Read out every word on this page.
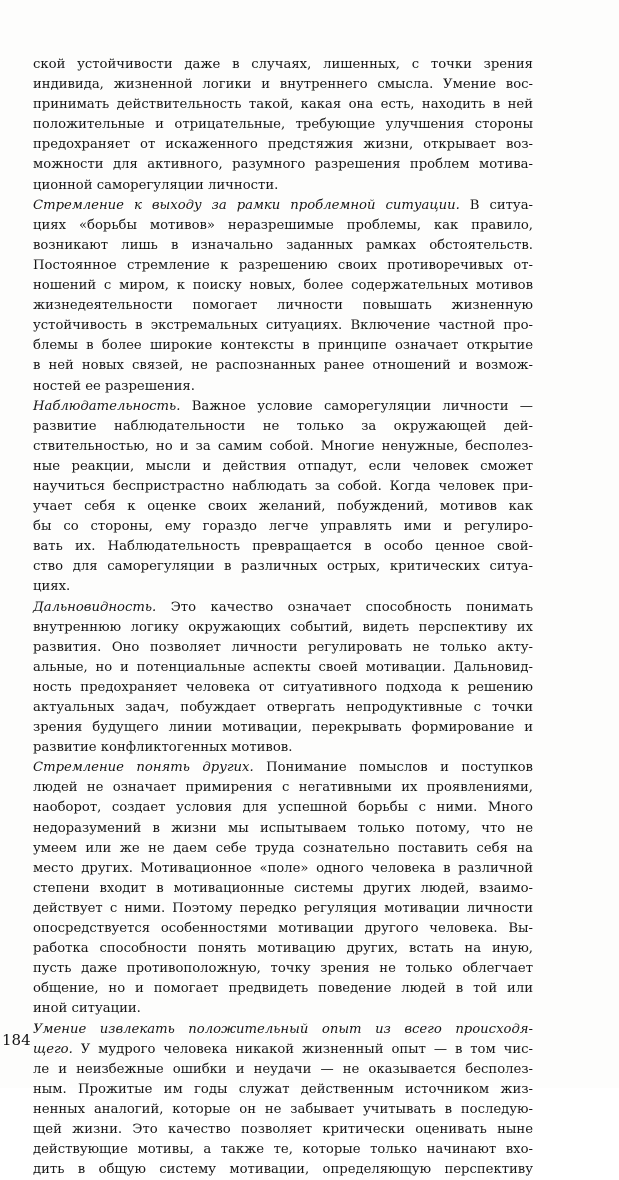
ской устойчивости даже в случаях, лишенных, с точки зрения
индивида, жизненной логики и внутреннего смысла. Умение вос-
принимать действительность такой, какая она есть, находить в ней
положительные и отрицательные, требующие улучшения стороны
предохраняет от искаженного предстяжия жизни, открывает воз-
можности для активного, разумного разрешения проблем мотива-
ционной саморегуляции личности.
Стремление к выходу за рамки проблемной ситуации. В ситуа-
циях «борьбы мотивов» неразрешимые проблемы, как правило,
возникают лишь в изначально заданных рамках обстоятельств.
Постоянное стремление к разрешению своих противоречивых от-
ношений с миром, к поиску новых, более содержательных мотивов
жизнедеятельности помогает личности повышать жизненную
устойчивость в экстремальных ситуациях. Включение частной про-
блемы в более широкие контексты в принципе означает открытие
в ней новых связей, не распознанных ранее отношений и возмож-
ностей ее разрешения.
Наблюдательность. Важное условие саморегуляции личности —
развитие наблюдательности не только за окружающей дей-
ствительностью, но и за самим собой. Многие ненужные, бесполез-
ные реакции, мысли и действия отпадут, если человек сможет
научиться беспристрастно наблюдать за собой. Когда человек при-
учает себя к оценке своих желаний, побуждений, мотивов как
бы со стороны, ему гораздо легче управлять ими и регулиро-
вать их. Наблюдательность превращается в особо ценное свой-
ство для саморегуляции в различных острых, критических ситуа-
циях.
Дальновидность. Это качество означает способность понимать
внутреннюю логику окружающих событий, видеть перспективу их
развития. Оно позволяет личности регулировать не только акту-
альные, но и потенциальные аспекты своей мотивации. Дальновид-
ность предохраняет человека от ситуативного подхода к решению
актуальных задач, побуждает отвергать непродуктивные с точки
зрения будущего линии мотивации, перекрывать формирование и
развитие конфликтогенных мотивов.
Стремление понять других. Понимание помыслов и поступков
людей не означает примирения с негативными их проявлениями,
наоборот, создает условия для успешной борьбы с ними. Много
недоразумений в жизни мы испытываем только потому, что не
умеем или же не даем себе труда сознательно поставить себя на
место других. Мотивационное «поле» одного человека в различной
степени входит в мотивационные системы других людей, взаимо-
действует с ними. Поэтому передко регуляция мотивации личности
опосредствуется особенностями мотивации другого человека. Вы-
работка способности понять мотивацию других, встать на иную,
пусть даже противоположную, точку зрения не только облегчает
общение, но и помогает предвидеть поведение людей в той или
иной ситуации.
Умение извлекать положительный опыт из всего происходя-
щего. У мудрого человека никакой жизненный опыт — в том чис-
ле и неизбежные ошибки и неудачи — не оказывается бесполез-
ным. Прожитые им годы служат действенным источником жиз-
ненных аналогий, которые он не забывает учитывать в последую-
щей жизни. Это качество позволяет критически оценивать ныне
действующие мотивы, а также те, которые только начинают вхо-
дить в общую систему мотивации, определяющую перспективу
184
